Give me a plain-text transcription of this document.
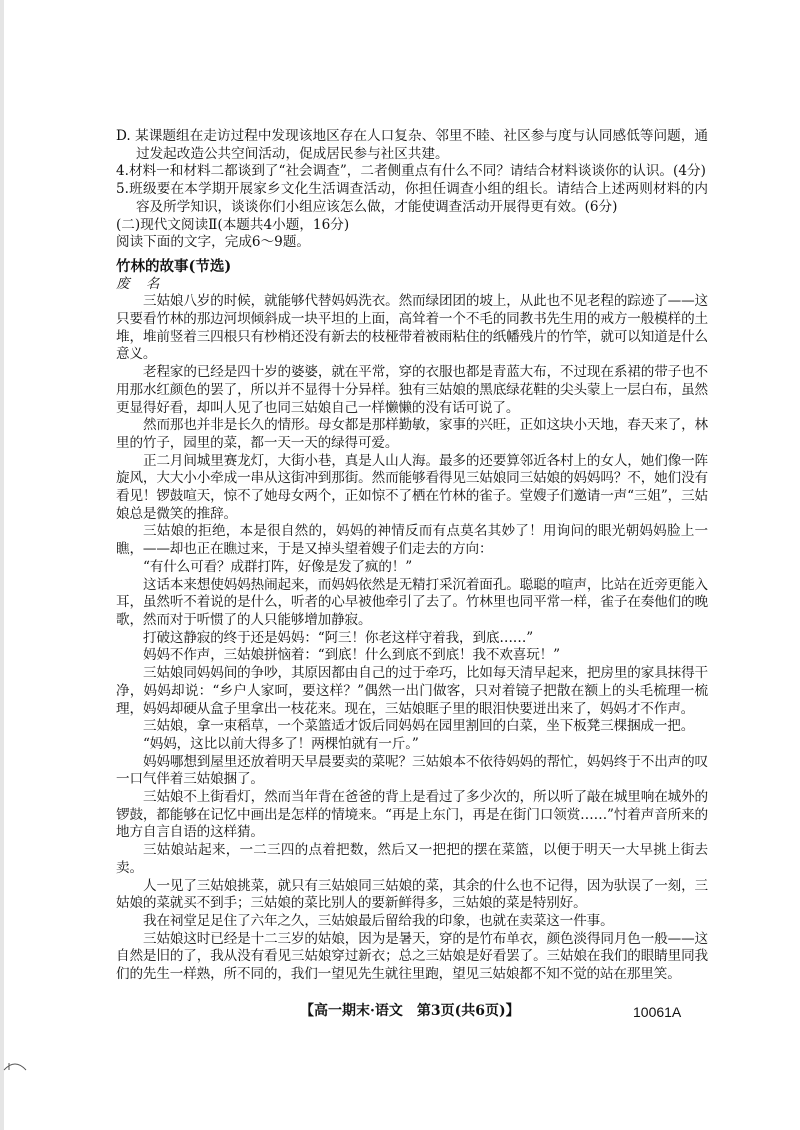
D. 某课题组在走访过程中发现该地区存在人口复杂、邻里不睦、社区参与度与认同感低等问题，通过发起改造公共空间活动，促成居民参与社区共建。

4.材料一和材料二都谈到了“社会调查”，二者侧重点有什么不同？请结合材料谈谈你的认识。(4分)

5.班级要在本学期开展家乡文化生活调查活动，你担任调查小组的组长。请结合上述两则材料的内容及所学知识，谈谈你们小组应该怎么做，才能使调查活动开展得更有效。(6分)

(二)现代文阅读Ⅱ(本题共4小题，16分)

阅读下面的文字，完成6～9题。

竹林的故事(节选)

废 名

三姑娘八岁的时候，就能够代替妈妈洗衣。然而绿团团的坡上，从此也不见老程的踪迹了——这只要看竹林的那边河坝倾斜成一块平坦的上面，高耸着一个不毛的同教书先生用的戒方一般模样的土堆，堆前竖着三四根只有杪梢还没有新去的枝桠带着被雨粘住的纸幡残片的竹竿，就可以知道是什么意义。

老程家的已经是四十岁的婆婆，就在平常，穿的衣服也都是青蓝大布，不过现在系裙的带子也不用那水红颜色的罢了，所以并不显得十分异样。独有三姑娘的黑底绿花鞋的尖头蒙上一层白布，虽然更显得好看，却叫人见了也同三姑娘自己一样懒懒的没有话可说了。

然而那也并非是长久的情形。母女都是那样勤敏，家事的兴旺，正如这块小天地，春天来了，林里的竹子，园里的菜，都一天一天的绿得可爱。

正二月间城里赛龙灯，大街小巷，真是人山人海。最多的还要算邻近各村上的女人，她们像一阵旋风，大大小小牵成一串从这街冲到那街。然而能够看得见三姑娘同三姑娘的妈妈吗？不，她们没有看见！锣鼓喧天，惊不了她母女两个，正如惊不了栖在竹林的雀子。堂嫂子们邀请一声“三姐”，三姑娘总是微笑的推辞。

三姑娘的拒绝，本是很自然的，妈妈的神情反而有点莫名其妙了！用询问的眼光朝妈妈脸上一瞧，——却也正在瞧过来，于是又掉头望着嫂子们走去的方向：

“有什么可看？成群打阵，好像是发了疯的！”

这话本来想使妈妈热闹起来，而妈妈依然是无精打采沉着面孔。聪聪的喧声，比站在近旁更能入耳，虽然听不着说的是什么，听者的心早被他牵引了去了。竹林里也同平常一样，雀子在奏他们的晚歌，然而对于听惯了的人只能够增加静寂。

打破这静寂的终于还是妈妈：“阿三！你老这样守着我，到底……”

妈妈不作声，三姑娘拼恼着：“到底！什么到底不到底！我不欢喜玩！”

三姑娘同妈妈间的争吵，其原因都由自己的过于牵巧，比如每天清早起来，把房里的家具抹得干净，妈妈却说：“乡户人家呵，要这样？”偶然一出门做客，只对着镜子把散在额上的头毛梳理一梳理，妈妈却硬从盒子里拿出一枝花来。现在，三姑娘眶子里的眼泪快要迸出来了，妈妈才不作声。

三姑娘，拿一束稻草，一个菜篮适才饭后同妈妈在园里割回的白菜，坐下板凳三棵捆成一把。

“妈妈，这比以前大得多了！两棵怕就有一斤。”

妈妈哪想到屋里还放着明天早晨要卖的菜呢？三姑娘本不依待妈妈的帮忙，妈妈终于不出声的叹一口气伴着三姑娘捆了。

三姑娘不上街看灯，然而当年背在爸爸的背上是看过了多少次的，所以听了敲在城里响在城外的锣鼓，都能够在记忆中画出是怎样的情境来。“再是上东门，再是在街门口领赏……”忖着声音所来的地方自言自语的这样猜。

三姑娘站起来，一二三四的点着把数，然后又一把把的摆在菜篮，以便于明天一大早挑上街去卖。

人一见了三姑娘挑菜，就只有三姑娘同三姑娘的菜，其余的什么也不记得，因为驮误了一刻，三姑娘的菜就买不到手；三姑娘的菜比别人的要新鲜得多，三姑娘的菜是特别好。

我在祠堂足足住了六年之久，三姑娘最后留给我的印象，也就在卖菜这一件事。

三姑娘这时已经是十二三岁的姑娘，因为是暑天，穿的是竹布单衣，颜色淡得同月色一般——这自然是旧的了，我从没有看见三姑娘穿过新衣；总之三姑娘是好看罢了。三姑娘在我们的眼睛里同我们的先生一样熟，所不同的，我们一望见先生就往里跑，望见三姑娘都不知不觉的站在那里笑。

【高一期末·语文　第3页(共6页)】	10061A
